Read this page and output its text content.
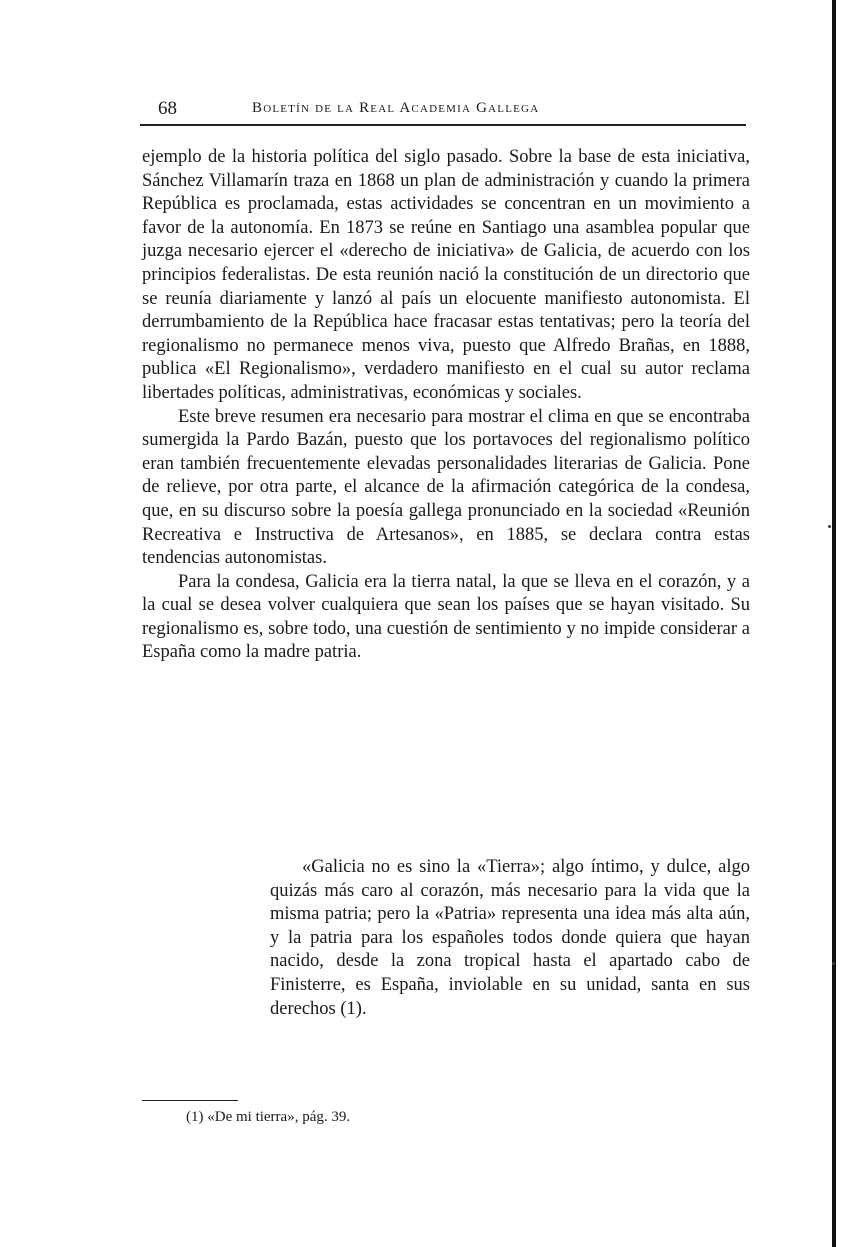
68	Boletín de la Real Academia Gallega

ejemplo de la historia política del siglo pasado. Sobre la base de esta iniciativa, Sánchez Villamarín traza en 1868 un plan de administración y cuando la primera República es proclamada, estas actividades se concentran en un movimiento a favor de la autonomía. En 1873 se reúne en Santiago una asamblea popular que juzga necesario ejercer el «derecho de iniciativa» de Galicia, de acuerdo con los principios federalistas. De esta reunión nació la constitución de un directorio que se reunía diariamente y lanzó al país un elocuente manifiesto autonomista. El derrumbamiento de la República hace fracasar estas tentativas; pero la teoría del regionalismo no permanece menos viva, puesto que Alfredo Brañas, en 1888, publica «El Regionalismo», verdadero manifiesto en el cual su autor reclama libertades políticas, administrativas, económicas y sociales.

Este breve resumen era necesario para mostrar el clima en que se encontraba sumergida la Pardo Bazán, puesto que los portavoces del regionalismo político eran también frecuentemente elevadas personalidades literarias de Galicia. Pone de relieve, por otra parte, el alcance de la afirmación categórica de la condesa, que, en su discurso sobre la poesía gallega pronunciado en la sociedad «Reunión Recreativa e Instructiva de Artesanos», en 1885, se declara contra estas tendencias autonomistas.

Para la condesa, Galicia era la tierra natal, la que se lleva en el corazón, y a la cual se desea volver cualquiera que sean los países que se hayan visitado. Su regionalismo es, sobre todo, una cuestión de sentimiento y no impide considerar a España como la madre patria.

«Galicia no es sino la «Tierra»; algo íntimo, y dulce, algo quizás más caro al corazón, más necesario para la vida que la misma patria; pero la «Patria» representa una idea más alta aún, y la patria para los españoles todos donde quiera que hayan nacido, desde la zona tropical hasta el apartado cabo de Finisterre, es España, inviolable en su unidad, santa en sus derechos (1).

(1) «De mi tierra», pág. 39.
